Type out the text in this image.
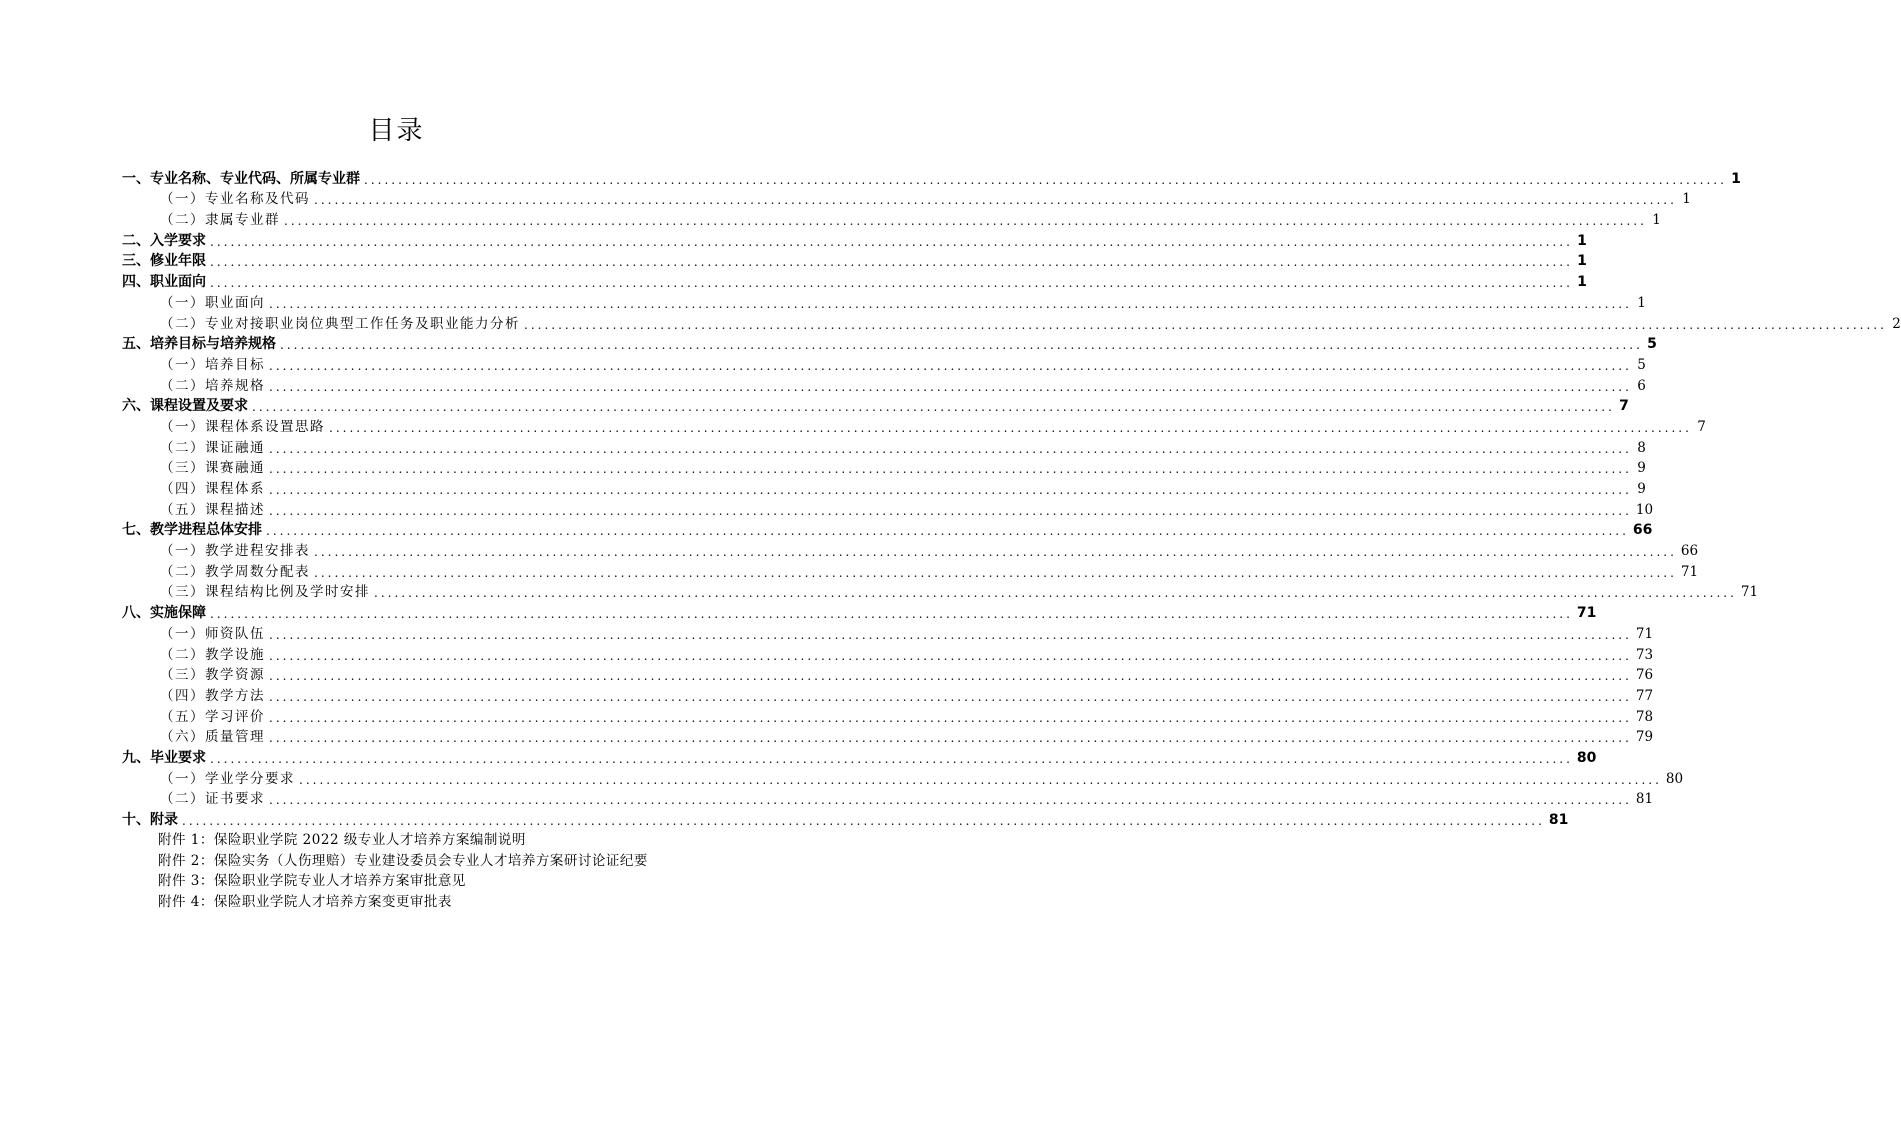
目录
一、专业名称、专业代码、所属专业群 ........................................................................................................................................................................................................ 1
（一）专业名称及代码 ........................................................................................................................................................................................................ 1
（二）隶属专业群 ........................................................................................................................................................................................................ 1
二、入学要求 ........................................................................................................................................................................................................ 1
三、修业年限 ........................................................................................................................................................................................................ 1
四、职业面向 ........................................................................................................................................................................................................ 1
（一）职业面向 ........................................................................................................................................................................................................ 1
（二）专业对接职业岗位典型工作任务及职业能力分析 ........................................................................................................................................................................................................ 2
五、培养目标与培养规格 ........................................................................................................................................................................................................ 5
（一）培养目标 ........................................................................................................................................................................................................ 5
（二）培养规格 ........................................................................................................................................................................................................ 6
六、课程设置及要求 ........................................................................................................................................................................................................ 7
（一）课程体系设置思路 ........................................................................................................................................................................................................ 7
（二）课证融通 ........................................................................................................................................................................................................ 8
（三）课赛融通 ........................................................................................................................................................................................................ 9
（四）课程体系 ........................................................................................................................................................................................................ 9
（五）课程描述 ........................................................................................................................................................................................................ 10
七、教学进程总体安排 ........................................................................................................................................................................................................ 66
（一）教学进程安排表 ........................................................................................................................................................................................................ 66
（二）教学周数分配表 ........................................................................................................................................................................................................ 71
（三）课程结构比例及学时安排 ........................................................................................................................................................................................................ 71
八、实施保障 ........................................................................................................................................................................................................ 71
（一）师资队伍 ........................................................................................................................................................................................................ 71
（二）教学设施 ........................................................................................................................................................................................................ 73
（三）教学资源 ........................................................................................................................................................................................................ 76
（四）教学方法 ........................................................................................................................................................................................................ 77
（五）学习评价 ........................................................................................................................................................................................................ 78
（六）质量管理 ........................................................................................................................................................................................................ 79
九、毕业要求 ........................................................................................................................................................................................................ 80
（一）学业学分要求 ........................................................................................................................................................................................................ 80
（二）证书要求 ........................................................................................................................................................................................................ 81
十、附录 ........................................................................................................................................................................................................ 81
附件 1：保险职业学院 2022 级专业人才培养方案编制说明
附件 2：保险实务（人伤理赔）专业建设委员会专业人才培养方案研讨论证纪要
附件 3：保险职业学院专业人才培养方案审批意见
附件 4：保险职业学院人才培养方案变更审批表
